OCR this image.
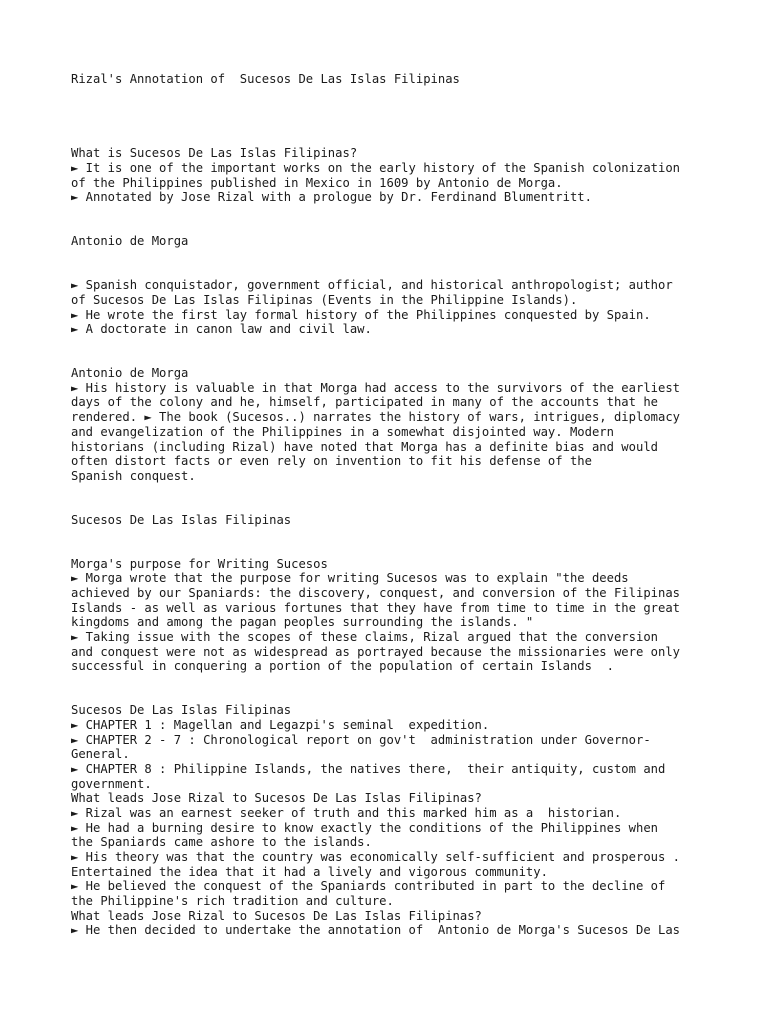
Rizal's Annotation of  Sucesos De Las Islas Filipinas
What is Sucesos De Las Islas Filipinas?
► It is one of the important works on the early history of the Spanish colonization
of the Philippines published in Mexico in 1609 by Antonio de Morga.
► Annotated by Jose Rizal with a prologue by Dr. Ferdinand Blumentritt.
Antonio de Morga
► Spanish conquistador, government official, and historical anthropologist; author
of Sucesos De Las Islas Filipinas (Events in the Philippine Islands).
► He wrote the first lay formal history of the Philippines conquested by Spain.
► A doctorate in canon law and civil law.
Antonio de Morga
► His history is valuable in that Morga had access to the survivors of the earliest
days of the colony and he, himself, participated in many of the accounts that he
rendered. ► The book (Sucesos..) narrates the history of wars, intrigues, diplomacy
and evangelization of the Philippines in a somewhat disjointed way. Modern
historians (including Rizal) have noted that Morga has a definite bias and would
often distort facts or even rely on invention to fit his defense of the
Spanish conquest.
Sucesos De Las Islas Filipinas
Morga's purpose for Writing Sucesos
► Morga wrote that the purpose for writing Sucesos was to explain "the deeds
achieved by our Spaniards: the discovery, conquest, and conversion of the Filipinas
Islands - as well as various fortunes that they have from time to time in the great
kingdoms and among the pagan peoples surrounding the islands. "
► Taking issue with the scopes of these claims, Rizal argued that the conversion
and conquest were not as widespread as portrayed because the missionaries were only
successful in conquering a portion of the population of certain Islands  .
Sucesos De Las Islas Filipinas
► CHAPTER 1 : Magellan and Legazpi's seminal  expedition.
► CHAPTER 2 - 7 : Chronological report on gov't  administration under Governor-
General.
► CHAPTER 8 : Philippine Islands, the natives there,  their antiquity, custom and
government.
What leads Jose Rizal to Sucesos De Las Islas Filipinas?
► Rizal was an earnest seeker of truth and this marked him as a  historian.
► He had a burning desire to know exactly the conditions of the Philippines when
the Spaniards came ashore to the islands.
► His theory was that the country was economically self-sufficient and prosperous .
Entertained the idea that it had a lively and vigorous community.
► He believed the conquest of the Spaniards contributed in part to the decline of
the Philippine's rich tradition and culture.
What leads Jose Rizal to Sucesos De Las Islas Filipinas?
► He then decided to undertake the annotation of  Antonio de Morga's Sucesos De Las
